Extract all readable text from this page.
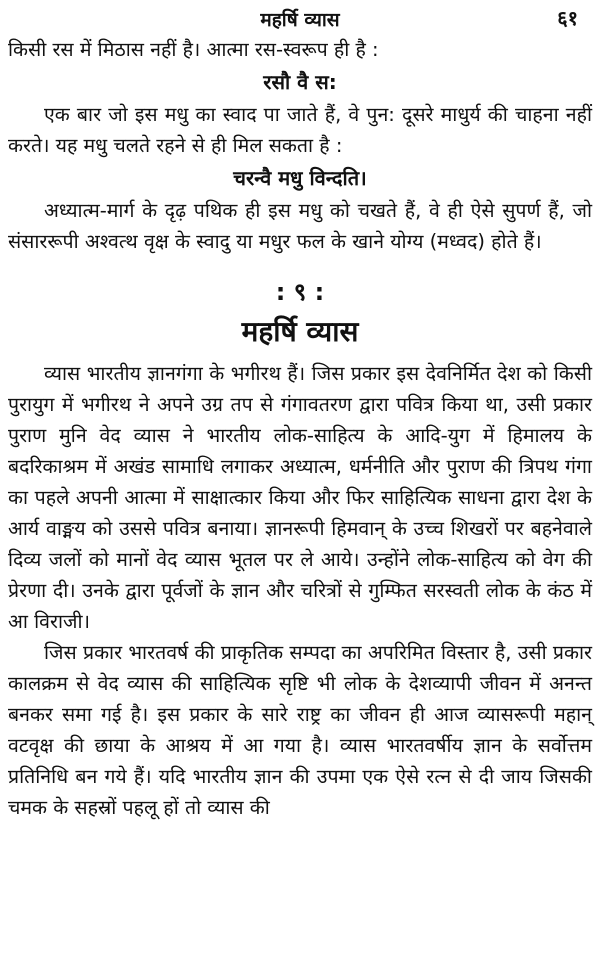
महर्षि व्यास	६१

किसी रस में मिठास नहीं है। आत्मा रस-स्वरूप ही है :

रसौ वै स:

एक बार जो इस मधु का स्वाद पा जाते हैं, वे पुन: दूसरे माधुर्य की चाहना नहीं करते। यह मधु चलते रहने से ही मिल सकता है :

चरन्वै मधु विन्दति।

अध्यात्म-मार्ग के दृढ़ पथिक ही इस मधु को चखते हैं, वे ही ऐसे सुपर्ण हैं, जो संसाररूपी अश्वत्थ वृक्ष के स्वादु या मधुर फल के खाने योग्य (मध्वद) होते हैं।

: ९ :
महर्षि व्यास

व्यास भारतीय ज्ञानगंगा के भगीरथ हैं। जिस प्रकार इस देवनिर्मित देश को किसी पुरायुग में भगीरथ ने अपने उग्र तप से गंगावतरण द्वारा पवित्र किया था, उसी प्रकार पुराण मुनि वेद व्यास ने भारतीय लोक-साहित्य के आदि-युग में हिमालय के बदरिकाश्रम में अखंड सामाधि लगाकर अध्यात्म, धर्मनीति और पुराण की त्रिपथ गंगा का पहले अपनी आत्मा में साक्षात्कार किया और फिर साहित्यिक साधना द्वारा देश के आर्य वाङ्मय को उससे पवित्र बनाया। ज्ञानरूपी हिमवान् के उच्च शिखरों पर बहनेवाले दिव्य जलों को मानों वेद व्यास भूतल पर ले आये। उन्होंने लोक-साहित्य को वेग की प्रेरणा दी। उनके द्वारा पूर्वजों के ज्ञान और चरित्रों से गुम्फित सरस्वती लोक के कंठ में आ विराजी।

जिस प्रकार भारतवर्ष की प्राकृतिक सम्पदा का अपरिमित विस्तार है, उसी प्रकार कालक्रम से वेद व्यास की साहित्यिक सृष्टि भी लोक के देशव्यापी जीवन में अनन्त बनकर समा गई है। इस प्रकार के सारे राष्ट्र का जीवन ही आज व्यासरूपी महान् वटवृक्ष की छाया के आश्रय में आ गया है। व्यास भारतवर्षीय ज्ञान के सर्वोत्तम प्रतिनिधि बन गये हैं। यदि भारतीय ज्ञान की उपमा एक ऐसे रत्न से दी जाय जिसकी चमक के सहस्रों पहलू हों तो व्यास की
